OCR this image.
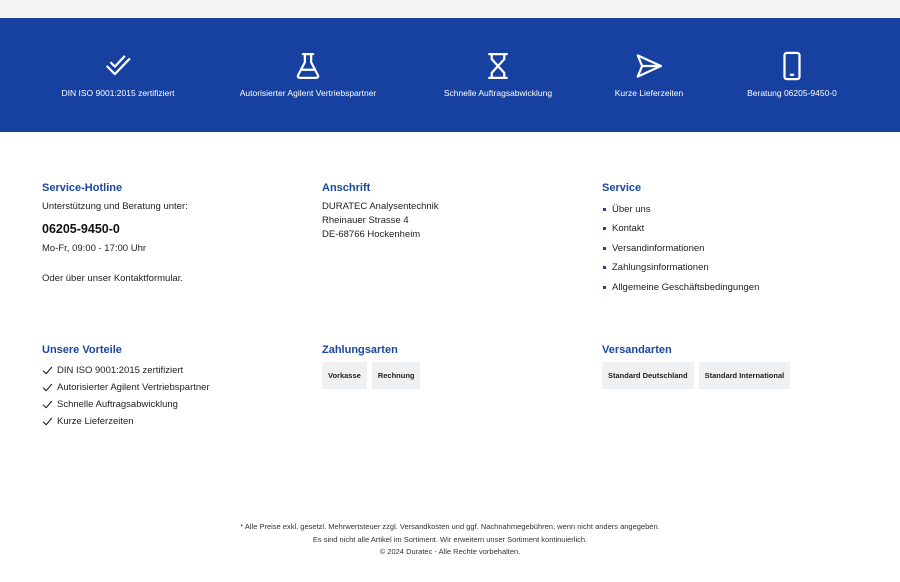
DIN ISO 9001:2015 zertifiziert	Autorisierter Agilent Vertriebspartner	Schnelle Auftragsabwicklung	Kurze Lieferzeiten	Beratung 06205-9450-0
Service-Hotline
Unterstützung und Beratung unter:
06205-9450-0
Mo-Fr, 09:00 - 17:00 Uhr
Oder über unser Kontaktformular.
Anschrift
DURATEC Analysentechnik
Rheinauer Strasse 4
DE-68766 Hockenheim
Service
Über uns
Kontakt
Versandinformationen
Zahlungsinformationen
Allgemeine Geschäftsbedingungen
Unsere Vorteile
DIN ISO 9001:2015 zertifiziert
Autorisierter Agilent Vertriebspartner
Schnelle Auftragsabwicklung
Kurze Lieferzeiten
Zahlungsarten
Vorkasse	Rechnung
Versandarten
Standard Deutschland	Standard International
* Alle Preise exkl. gesetzl. Mehrwertsteuer zzgl. Versandkosten und ggf. Nachnahmegebühren, wenn nicht anders angegeben.
Es sind nicht alle Artikel im Sortiment. Wir erweitern unser Sortiment kontinuierlich.
© 2024 Duratec - Alle Rechte vorbehalten.
